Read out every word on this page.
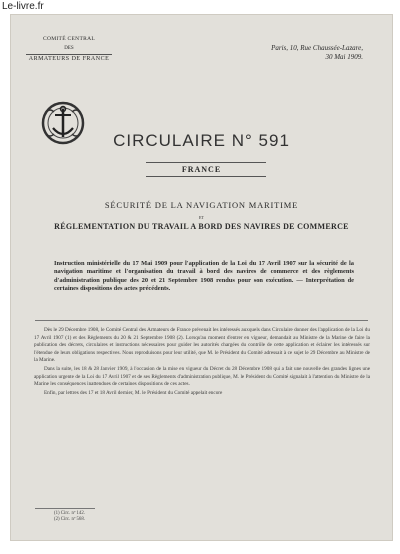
Le-livre.fr
COMITÉ CENTRAL
DES
ARMATEURS DE FRANCE
Paris, 10, Rue Chaussée-Lazare,
30 Mai 1909.
CIRCULAIRE N° 591
FRANCE
SÉCURITÉ DE LA NAVIGATION MARITIME
ET
RÉGLEMENTATION DU TRAVAIL A BORD DES NAVIRES DE COMMERCE
Instruction ministérielle du 17 Mai 1909 pour l'application de la Loi du 17 Avril 1907 sur la sécurité de la navigation maritime et l'organisation du travail à bord des navires de commerce et des règlements d'administration publique des 20 et 21 Septembre 1908 rendus pour son exécution. — Interprétation de certaines dispositions des actes précédents.

Dès le 29 Décembre 1908, le Comité Central des Armateurs de France prévenait les intéressés auxquels dans Circulaire donner des l'application de la Loi du 17 Avril 1907 (1) et des Règlements du 20 & 21 Septembre 1908 (2). Lorsqu'au moment d'entrer en vigueur, demandait au Ministre de la Marine de faire la publication des décrets, circulaires et instructions nécessaires pour guider les autorités chargées du contrôle de cette application et éclairer les intéressés sur l'étendue de leurs obligations respectives. Nous reproduisons pour leur utilité, que M. le Président du Comité adressait à ce sujet le 29 Décembre au Ministre de la Marine.

Dans la suite, les 18 & 28 Janvier 1909, à l'occasion de la mise en vigueur du Décret du 28 Décembre 1908 qui a fait une nouvelle des grandes lignes une application urgente de la Loi du 17 Avril 1907 et de ses Règlements d'administration publique, M. le Président du Comité signalait à l'attention du Ministre de la Marine les conséquences inattendues de certaines dispositions de ces actes.

Enfin, par lettres des 17 et 18 Avril dernier, M. le Président du Comité appelait encore

(1) Circ. nº 142.
(2) Circ. nº 568.
